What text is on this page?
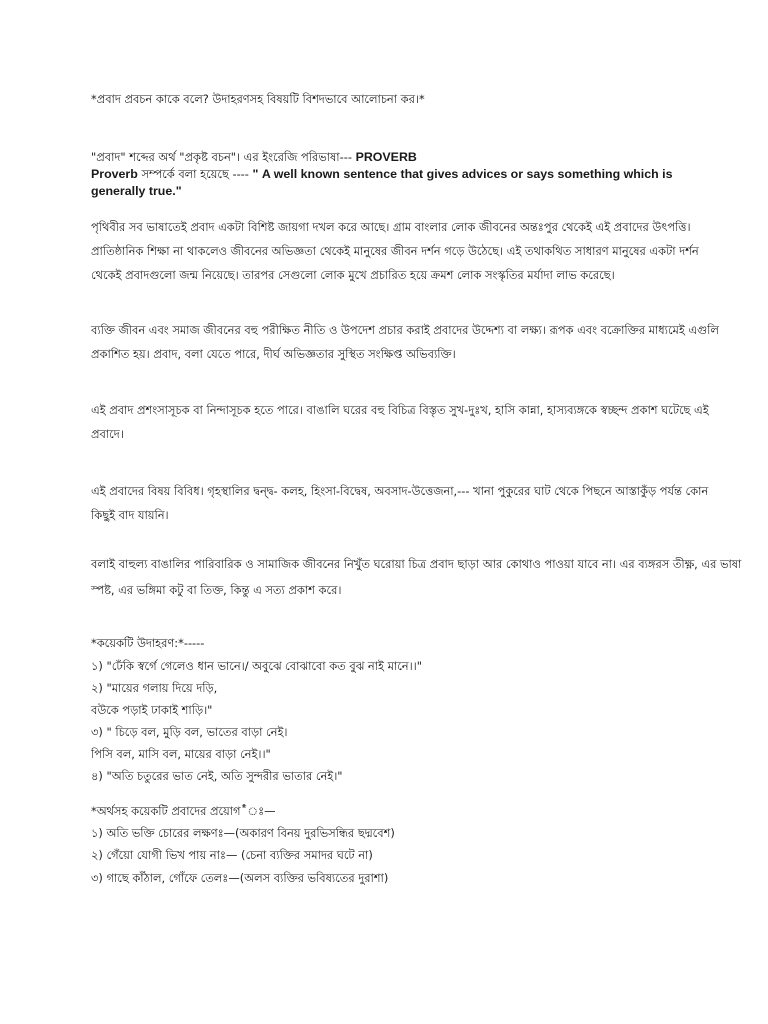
*প্রবাদ প্রবচন কাকে বলে? উদাহরণসহ বিষয়টি বিশদভাবে আলোচনা কর।*
"প্রবাদ" শব্দের অর্থ "প্রকৃষ্ট বচন"। এর ইংরেজি পরিভাষা--- PROVERB
Proverb সম্পর্কে বলা হয়েছে ---- " A well known sentence that gives advices or says something which is
generally true."
পৃথিবীর সব ভাষাতেই প্রবাদ একটা বিশিষ্ট জায়গা দখল করে আছে। গ্রাম বাংলার লোক জীবনের অন্তঃপুর থেকেই এই প্রবাদের উৎপত্তি।
প্রাতিষ্ঠানিক শিক্ষা না থাকলেও জীবনের অভিজ্ঞতা থেকেই মানুষের জীবন দর্শন গড়ে উঠেছে। এই তথাকথিত সাধারণ মানুষের একটা দর্শন
থেকেই প্রবাদগুলো জন্ম নিয়েছে। তারপর সেগুলো লোক মুখে প্রচারিত হয়ে ক্রমশ লোক সংস্কৃতির মর্যাদা লাভ করেছে।
ব্যক্তি জীবন এবং সমাজ জীবনের বহু পরীক্ষিত নীতি ও উপদেশ প্রচার করাই প্রবাদের উদ্দেশ্য বা লক্ষ্য। রূপক এবং বক্রোক্তির মাধ্যমেই এগুলি
প্রকাশিত হয়। প্রবাদ, বলা যেতে পারে, দীর্ঘ অভিজ্ঞতার সুস্থিত সংক্ষিপ্ত অভিব্যক্তি।
এই প্রবাদ প্রশংসাসূচক বা নিন্দাসূচক হতে পারে। বাঙালি ঘরের বহু বিচিত্র বিস্তৃত সুখ-দুঃখ, হাসি কান্না, হাস্যব্যঙ্গকে স্বচ্ছন্দ প্রকাশ ঘটেছে এই
প্রবাদে।
এই প্রবাদের বিষয় বিবিধ। গৃহস্থালির দ্বন্দ্ব- কলহ, হিংসা-বিদ্বেষ, অবসাদ-উত্তেজনা,--- খানা পুকুরের ঘাট থেকে পিছনে আস্তাকুঁড় পর্যন্ত কোন
কিছুই বাদ যায়নি।
বলাই বাহুল্য বাঙালির পারিবারিক ও সামাজিক জীবনের নিখুঁত ঘরোয়া চিত্র প্রবাদ ছাড়া আর কোথাও পাওয়া যাবে না। এর ব্যঙ্গরস তীক্ষ্ণ, এর ভাষা
স্পষ্ট, এর ভঙ্গিমা কটু বা তিক্ত, কিন্তু এ সত্য প্রকাশ করে।
*কয়েকটি উদাহরণ:*-----
১) "ঢেঁকি স্বর্গে গেলেও ধান ভানে।/ অবুঝে বোঝাবো কত বুঝ নাই মানে।।"
২) "মায়ের গলায় দিয়ে দড়ি,
বউকে পড়াই ঢাকাই শাড়ি।"
৩) " চিড়ে বল, মুড়ি বল, ভাতের বাড়া নেই।
পিসি বল, মাসি বল, মায়ের বাড়া নেই।।"
৪) "অতি চতুরের ভাত নেই, অতি সুন্দরীর ভাতার নেই।"
*অর্থসহ কয়েকটি প্রবাদের প্রয়োগ*ঃ—
১) অতি ভক্তি চোরের লক্ষণঃ—(অকারণ বিনয় দুরভিসন্ধির ছদ্মবেশ)
২) গেঁয়ো যোগী ভিখ পায় নাঃ— (চেনা ব্যক্তির সমাদর ঘটে না)
৩) গাছে কাঁঠাল, গোঁফে তেলঃ—(অলস ব্যক্তির ভবিষ্যতের দুরাশা)
